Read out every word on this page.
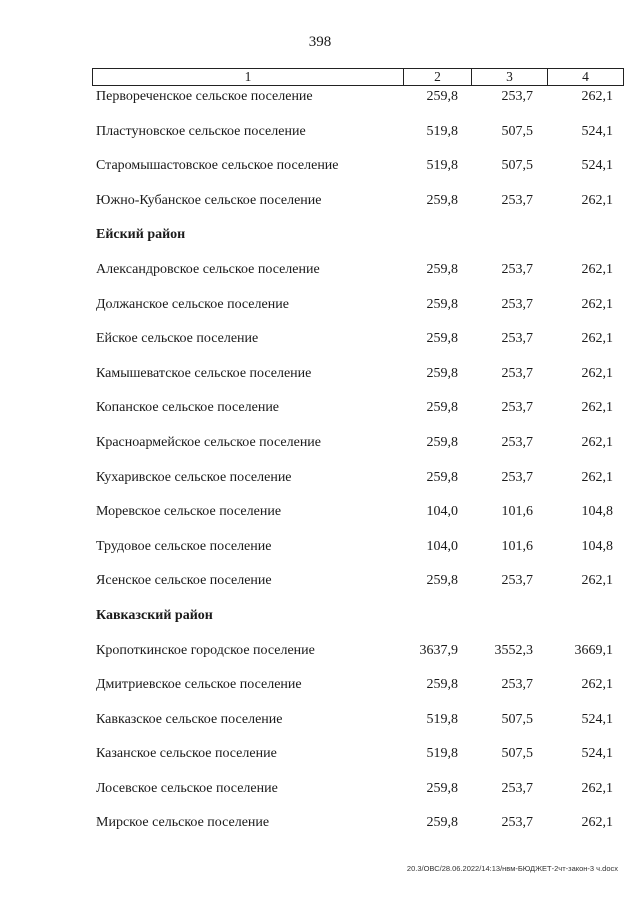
398
1	2	3	4
Первореченское сельское поселение	259,8	253,7	262,1
Пластуновское сельское поселение	519,8	507,5	524,1
Старомышастовское сельское поселение	519,8	507,5	524,1
Южно-Кубанское сельское поселение	259,8	253,7	262,1
Ейский район
Александровское сельское поселение	259,8	253,7	262,1
Должанское сельское поселение	259,8	253,7	262,1
Ейское сельское поселение	259,8	253,7	262,1
Камышеватское сельское поселение	259,8	253,7	262,1
Копанское сельское поселение	259,8	253,7	262,1
Красноармейское сельское поселение	259,8	253,7	262,1
Кухаривское сельское поселение	259,8	253,7	262,1
Моревское сельское поселение	104,0	101,6	104,8
Трудовое сельское поселение	104,0	101,6	104,8
Ясенское сельское поселение	259,8	253,7	262,1
Кавказский район
Кропоткинское городское поселение	3637,9	3552,3	3669,1
Дмитриевское сельское поселение	259,8	253,7	262,1
Кавказское сельское поселение	519,8	507,5	524,1
Казанское сельское поселение	519,8	507,5	524,1
Лосевское сельское поселение	259,8	253,7	262,1
Мирское сельское поселение	259,8	253,7	262,1
20.3/ОВС/28.06.2022/14:13/нвм-БЮДЖЕТ-2чт-закон-3 ч.docx
